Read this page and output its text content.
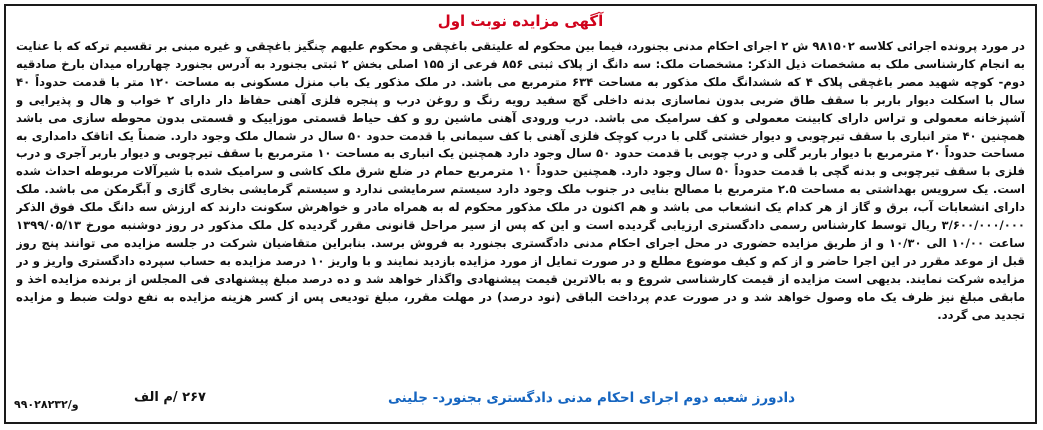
آگهی مزایده نوبت اول
در مورد پرونده اجرائی کلاسه ۹۸۱۵۰۲ ش ۲ اجرای احکام مدنی بجنورد، فیما بین محکوم له علیتقی باغچقی و محکوم علیهم چنگیز باغچقی و غیره مبنی بر تقسیم ترکه که با عنایت به انجام کارشناسی ملک به مشخصات ذیل الذکر: مشخصات ملک: سه دانگ از پلاک ثبتی ۸۵۶ فرعی از ۱۵۵ اصلی بخش ۲ ثبتی بجنورد به آدرس بجنورد چهارراه میدان بارخ صادقیه دوم- کوچه شهید مصر باغچقی پلاک ۴ که ششدانگ ملک مذکور به مساحت ۶۳۴ مترمربع می باشد. در ملک مذکور یک باب منزل مسکونی به مساحت ۱۲۰ متر با قدمت حدوداً ۴۰ سال با اسکلت دیوار باربر با سقف طاق ضربی بدون نماسازی بدنه داخلی گچ سفید رویه رنگ و روغن درب و پنجره فلزی آهنی حفاظ دار دارای ۲ خواب و هال و پذیرایی و آشپزخانه معمولی و تراس دارای کابینت معمولی و کف سرامیک می باشد. درب ورودی آهنی ماشین رو و کف حیاط قسمتی موزاییک و قسمتی بدون محوطه سازی می باشد همچنین ۴۰ متر انباری با سقف تیرچوبی و دیوار خشتی گلی با درب کوچک فلزی آهنی با کف سیمانی با قدمت حدود ۵۰ سال در شمال ملک وجود دارد. ضمناً یک اتاقک دامداری به مساحت حدوداً ۲۰ مترمربع با دیوار باربر گلی و درب چوبی با قدمت حدود ۵۰ سال وجود دارد همچنین یک انباری به مساحت ۱۰ مترمربع با سقف تیرچوبی و دیوار باربر آجری و درب فلزی با سقف تیرچوبی و بدنه گچی با قدمت حدوداً ۵۰ سال وجود دارد. همچنین حدوداً ۱۰ مترمربع حمام در ضلع شرق ملک کاشی و سرامیک شده با شیرآلات مربوطه احداث شده است. یک سرویس بهداشتی به مساحت ۲.۵ مترمربع با مصالح بنایی در جنوب ملک وجود دارد سیستم سرمایشی ندارد و سیستم گرمایشی بخاری گازی و آبگرمکن می باشد. ملک دارای انشعابات آب، برق و گاز از هر کدام یک انشعاب می باشد و هم اکنون در ملک مذکور محکوم له به همراه مادر و خواهرش سکونت دارند که ارزش سه دانگ ملک فوق الذکر ۳/۶۰۰/۰۰۰/۰۰۰ ریال توسط کارشناس رسمی دادگستری ارزیابی گردیده است و این که پس از سیر مراحل قانونی مقرر گردیده کل ملک مذکور در روز دوشنبه مورخ ۱۳۹۹/۰۵/۱۳ ساعت ۱۰/۰۰ الی ۱۰/۳۰ و از طریق مزایده حضوری در محل اجرای احکام مدنی دادگستری بجنورد به فروش برسد. بنابراین متقاضیان شرکت در جلسه مزایده می توانند پنج روز قبل از موعد مقرر در این اجرا حاضر و از کم و کیف موضوع مطلع و در صورت تمایل از مورد مزایده بازدید نمایند و با واریز ۱۰ درصد مزایده به حساب سپرده دادگستری واریز و در مزایده شرکت نمایند. بدیهی است مزایده از قیمت کارشناسی شروع و به بالاترین قیمت پیشنهادی واگذار خواهد شد و ده درصد مبلغ پیشنهادی فی المجلس از برنده مزایده اخذ و مابقی مبلغ نیز ظرف یک ماه وصول خواهد شد و در صورت عدم پرداخت الباقی (نود درصد) در مهلت مقرر، مبلغ تودیعی پس از کسر هزینه مزایده به نفع دولت ضبط و مزایده تجدید می گردد.
دادورز شعبه دوم اجرای احکام مدنی دادگستری بجنورد- جلینی
۲۶۷ /م الف
۹۹۰۲۸۲۳۲/و
